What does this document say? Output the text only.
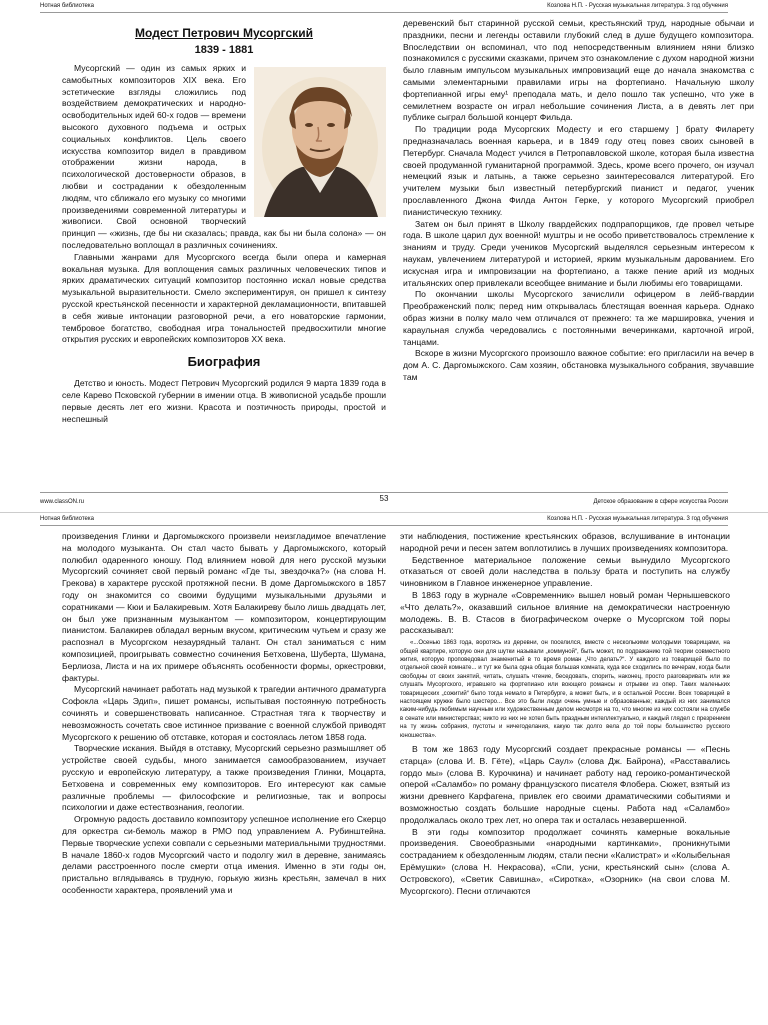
Нотная библиотека	Козлова Н.П. - Русская музыкальная литература. 3 год обучения
Модест Петрович Мусоргский
1839 - 1881

Мусоргский — один из самых ярких и самобытных композиторов XIX века. Его эстетические взгляды сложились под воздействием демократических и народно-освободительных идей 60-х годов — времени высокого духовного подъема и острых социальных конфликтов. Цель своего искусства композитор видел в правдивом отображении жизни народа, в психологической достоверности образов, в любви и сострадании к обездоленным людям, что сближало его музыку со многими произведениями современной литературы и живописи. Свой основной творческий принцип — «жизнь, где бы ни сказалась; правда, как бы ни была солона» — он последовательно воплощал в различных сочинениях.

Главными жанрами для Мусоргского всегда были опера и камерная вокальная музыка. Для воплощения самых различных человеческих типов и ярких драматических ситуаций композитор постоянно искал новые средства музыкальной выразительности. Смело экспериментируя, он пришел к синтезу русской крестьянской песенности и характерной декламационности, впитавшей в себя живые интонации разговорной речи, а его новаторские гармонии, тембровое богатство, свободная игра тональностей предвосхитили многие открытия русских и европейских композиторов XX века.

Биография

Детство и юность. Модест Петрович Мусоргский родился 9 марта 1839 года в селе Карево Псковской губернии в имении отца. В живописной усадьбе прошли первые десять лет его жизни. Красота и поэтичность природы, простой и неспешный

деревенский быт старинной русской семьи, крестьянский труд, народные обычаи и праздники, песни и легенды оставили глубокий след в душе будущего композитора. Впоследствии он вспоминал, что под непосредственным влиянием няни близко познакомился с русскими сказками, причем это ознакомление с духом народной жизни было главным импульсом музыкальных импровизаций еще до начала знакомства с самыми элементарными правилами игры на фортепиано. Начальную школу фортепианной игры ему¹ преподала мать, и дело пошло так успешно, что уже в семилетнем возрасте он играл небольшие сочинения Листа, а в девять лет при публике сыграл большой концерт Фильда.

По традиции рода Мусоргских Модесту и его старшему ] брату Филарету предназначалась военная карьера, и в 1849 году отец повез своих сыновей в Петербург. Сначала Модест учился в Петропавловской школе, которая была известна своей продуманной гуманитарной программой. Здесь, кроме всего прочего, он изучал немецкий язык и латынь, а также серьезно заинтересовался литературой. Его учителем музыки был известный петербургский пианист и педагог, ученик прославленного Джона Филда Антон Герке, у которого Мусоргский приобрел пианистическую технику.

Затем он был принят в Школу гвардейских подпрапорщиков, где провел четыре года. В школе царил дух военной! муштры и не особо приветствовалось стремление к знаниям и труду. Среди учеников Мусоргский выделялся серьезным интересом к наукам, увлечением литературой и историей, ярким музыкальным дарованием. Его искусная игра и импровизации на фортепиано, а также пение арий из модных итальянских опер привлекали всеобщее внимание и были любимы его товарищами.

По окончании школы Мусоргского зачислили офицером в лейб-гвардии Преображенский полк; перед ним открывалась блестящая военная карьера. Однако образ жизни в полку мало чем отличался от прежнего: та же маршировка, учения и караульная служба чередовались с постоянными вечеринками, карточной игрой, танцами.

Вскоре в жизни Мусоргского произошло важное событие: его пригласили на вечер в дом А. С. Даргомыжского. Сам хозяин, обстановка музыкального собрания, звучавшие там

www.classON.ru	53	Детское образование в сфере искусства России
Нотная библиотека	Козлова Н.П. - Русская музыкальная литература. 3 год обучения

произведения Глинки и Даргомыжского произвели неизгладимое впечатление на молодого музыканта. Он стал часто бывать у Даргомыжского, который полюбил одаренного юношу. Под влиянием новой для него русской музыки Мусоргский сочиняет свой первый романс «Где ты, звездочка?» (на слова Н. Грекова) в характере русской протяжной песни. В доме Даргомыжского в 1857 году он знакомится со своими будущими музыкальными друзьями и соратниками — Кюи и Балакиревым. Хотя Балакиреву было лишь двадцать лет, он был уже признанным музыкантом — композитором, концертирующим пианистом. Балакирев обладал верным вкусом, критическим чутьем и сразу же распознал в Мусоргском незаурядный талант. Он стал заниматься с ним композицией, проигрывать совместно сочинения Бетховена, Шуберта, Шумана, Берлиоза, Листа и на их примере объяснять особенности формы, оркестровки, фактуры.

Мусоргский начинает работать над музыкой к трагедии античного драматурга Софокла «Царь Эдип», пишет романсы, испытывая постоянную потребность сочинять и совершенствовать написанное. Страстная тяга к творчеству и невозможность сочетать свое истинное призвание с военной службой приводят Мусоргского к решению об отставке, которая и состоялась летом 1858 года.

Творческие искания. Выйдя в отставку, Мусоргский серьезно размышляет об устройстве своей судьбы, много занимается самообразованием, изучает русскую и европейскую литературу, а также произведения Глинки, Моцарта, Бетховена и современных ему композиторов. Его интересуют как самые различные проблемы — философские и религиозные, так и вопросы психологии и даже естествознания, геологии.

Огромную радость доставило композитору успешное исполнение его Скерцо для оркестра си-бемоль мажор в РМО под управлением А. Рубинштейна. Первые творческие успехи совпали с серьезными материальными трудностями. В начале 1860-х годов Мусоргский часто и подолгу жил в деревне, занимаясь делами расстроенного после смерти отца имения. Именно в эти годы он, пристально вглядываясь в трудную, горькую жизнь крестьян, замечал в них особенности характера, проявлений ума и

эти наблюдения, постижение крестьянских образов, вслушивание в интонации народной речи и песен затем воплотились в лучших произведениях композитора.

Бедственное материальное положение семьи вынудило Мусоргского отказаться от своей доли наследства в пользу брата и поступить на службу чиновником в Главное инженерное управление.

В 1863 году в журнале «Современник» вышел новый роман Чернышевского «Что делать?», оказавший сильное влияние на демократически настроенную молодежь. В. В. Стасов в биографическом очерке о Мусоргском той поры рассказывал:

«...Осенью 1863 года, воротясь из деревни, он поселился, вместе с несколькими молодыми товарищами, на общей квартире, которую они для шутки называли „коммуной“, быть может, по подражанию той теории совместного жития, которую проповедовал знаменитый в то время роман „Что делать?“. У каждого из товарищей было по отдельной своей комнате... и тут же была одна общая большая комната, куда все сходились по вечерам, когда были свободны от своих занятий, читать, слушать чтение, беседовать, спорить, наконец, просто разговаривать или же слушать Мусоргского, игравшего на фортепиано или воющего романсы и отрывки из опер. Таких маленьких товарищеских „сожитий“ было тогда немало в Петербурге, а может быть, и в остальной России. Всех товарищей в настоящем кружке было шестеро... Все это были люди очень умные и образованные; каждый из них занимался каким-нибудь любимым научным или художественным делом несмотря на то, что многие из них состояли на службе в сенате или министерствах; никто из них не хотел быть праздным интеллектуально, и каждый глядел с презрением на ту жизнь собрания, пустоты и ничегоделания, какую так долго вела до той поры большинство русского юношества».

В том же 1863 году Мусоргский создает прекрасные романсы — «Песнь старца» (слова И. В. Гёте), «Царь Саул» (слова Дж. Байрона), «Расставались гордо мы» (слова В. Курочкина) и начинает работу над героико-романтической оперой «Саламбо» по роману французского писателя Флобера. Сюжет, взятый из жизни древнего Карфагена, привлек его своими драматическими событиями и возможностью создать большие народные сцены. Работа над «Саламбо» продолжалась около трех лет, но опера так и осталась незавершенной.

В эти годы композитор продолжает сочинять камерные вокальные произведения. Своеобразными «народными картинками», проникнутыми состраданием к обездоленным людям, стали песни «Калистрат» и «Колыбельная Ерёмушки» (слова Н. Некрасова), «Спи, усни, крестьянский сын» (слова А. Островского), «Светик Савишна», «Сиротка», «Озорник» (на свои слова М. Мусоргского). Песни отличаются
